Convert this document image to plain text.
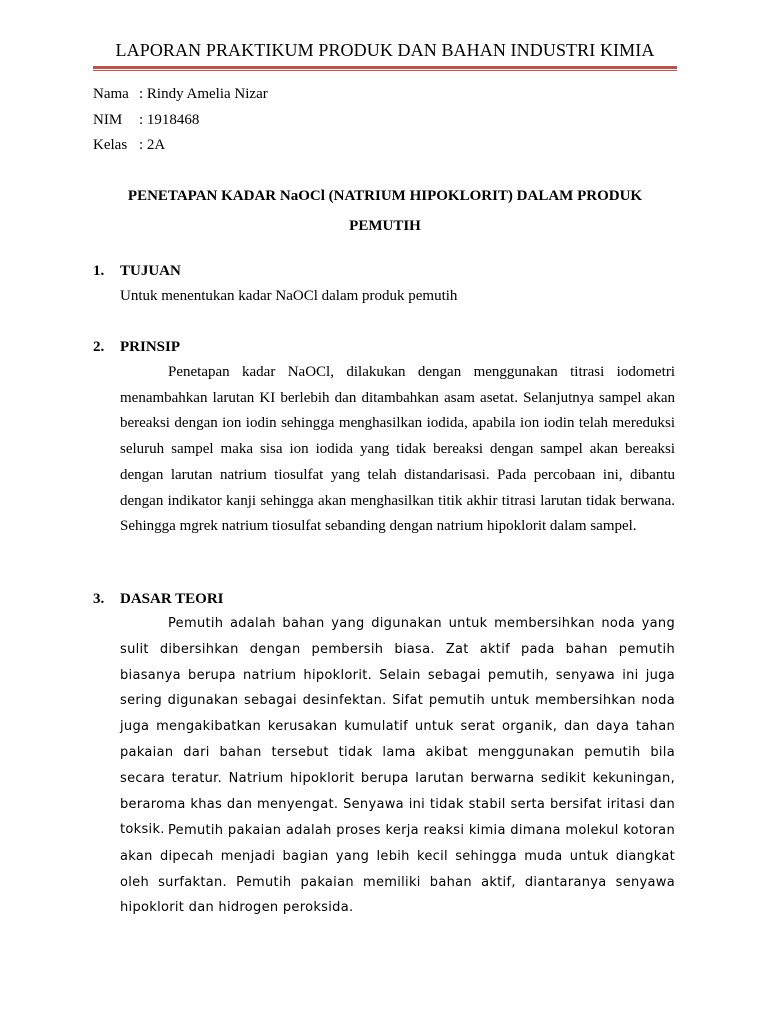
LAPORAN PRAKTIKUM PRODUK DAN BAHAN INDUSTRI KIMIA
Nama : Rindy Amelia Nizar
NIM : 1918468
Kelas : 2A
PENETAPAN KADAR NaOCl (NATRIUM HIPOKLORIT) DALAM PRODUK
PEMUTIH
1. TUJUAN
Untuk menentukan kadar NaOCl dalam produk pemutih
2. PRINSIP
Penetapan kadar NaOCl, dilakukan dengan menggunakan titrasi iodometri menambahkan larutan KI berlebih dan ditambahkan asam asetat. Selanjutnya sampel akan bereaksi dengan ion iodin sehingga menghasilkan iodida, apabila ion iodin telah mereduksi seluruh sampel maka sisa ion iodida yang tidak bereaksi dengan sampel akan bereaksi dengan larutan natrium tiosulfat yang telah distandarisasi. Pada percobaan ini, dibantu dengan indikator kanji sehingga akan menghasilkan titik akhir titrasi larutan tidak berwana. Sehingga mgrek natrium tiosulfat sebanding dengan natrium hipoklorit dalam sampel.
3. DASAR TEORI
Pemutih adalah bahan yang digunakan untuk membersihkan noda yang sulit dibersihkan dengan pembersih biasa. Zat aktif pada bahan pemutih biasanya berupa natrium hipoklorit. Selain sebagai pemutih, senyawa ini juga sering digunakan sebagai desinfektan. Sifat pemutih untuk membersihkan noda juga mengakibatkan kerusakan kumulatif untuk serat organik, dan daya tahan pakaian dari bahan tersebut tidak lama akibat menggunakan pemutih bila secara teratur. Natrium hipoklorit berupa larutan berwarna sedikit kekuningan, beraroma khas dan menyengat. Senyawa ini tidak stabil serta bersifat iritasi dan toksik. Pemutih pakaian adalah proses kerja reaksi kimia dimana molekul kotoran akan dipecah menjadi bagian yang lebih kecil sehingga muda untuk diangkat oleh surfaktan. Pemutih pakaian memiliki bahan aktif, diantaranya senyawa hipoklorit dan hidrogen peroksida.
